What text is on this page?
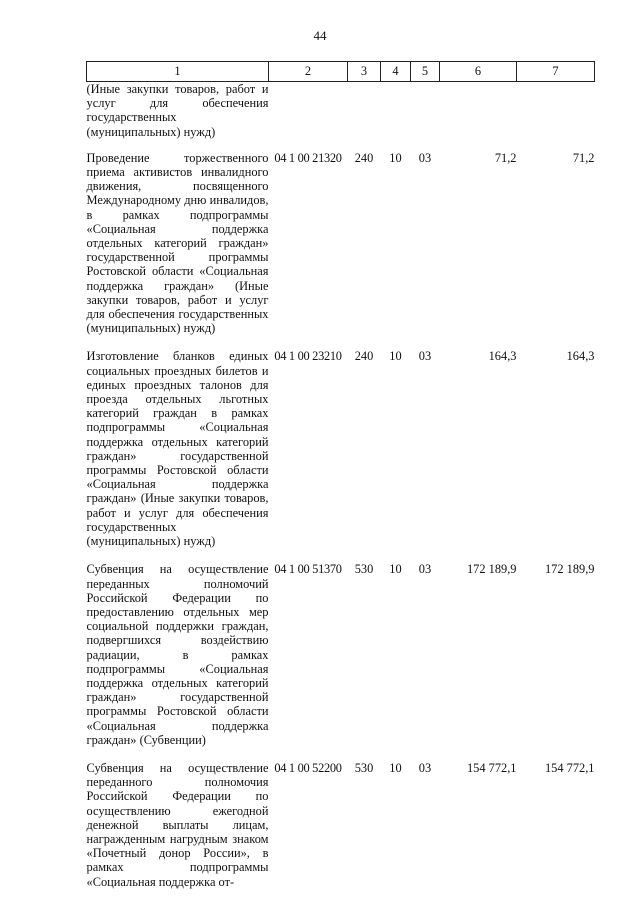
44
1	2	3	4	5	6	7
(Иные закупки товаров, работ и услуг для обеспечения государственных (муниципальных) нужд)						
Проведение торжественного приема активистов инвалидного движения, посвященного Международному дню инвалидов, в рамках подпрограммы «Социальная поддержка отдельных категорий граждан» государственной программы Ростовской области «Социальная поддержка граждан» (Иные закупки товаров, работ и услуг для обеспечения государственных (муниципальных) нужд)	04 1 00 21320	240	10	03	71,2	71,2
Изготовление бланков единых социальных проездных билетов и единых проездных талонов для проезда отдельных льготных категорий граждан в рамках подпрограммы «Социальная поддержка отдельных категорий граждан» государственной программы Ростовской области «Социальная поддержка граждан» (Иные закупки товаров, работ и услуг для обеспечения государственных (муниципальных) нужд)	04 1 00 23210	240	10	03	164,3	164,3
Субвенция на осуществление переданных полномочий Российской Федерации по предоставлению отдельных мер социальной поддержки граждан, подвергшихся воздействию радиации, в рамках подпрограммы «Социальная поддержка отдельных категорий граждан» государственной программы Ростовской области «Социальная поддержка граждан» (Субвенции)	04 1 00 51370	530	10	03	172 189,9	172 189,9
Субвенция на осуществление переданного полномочия Российской Федерации по осуществлению ежегодной денежной выплаты лицам, награжденным нагрудным знаком «Почетный донор России», в рамках подпрограммы «Социальная поддержка от-	04 1 00 52200	530	10	03	154 772,1	154 772,1
